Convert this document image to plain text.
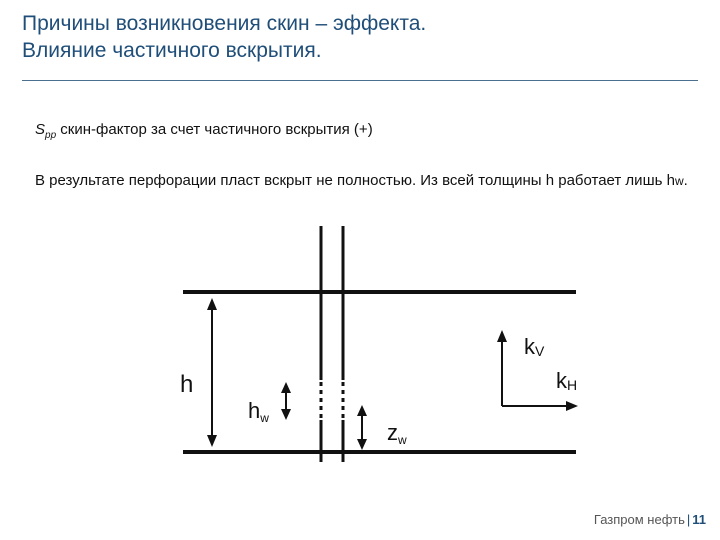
Причины возникновения скин – эффекта.
Влияние частичного вскрытия.
$S_{pp}$ скин-фактор за счет частичного вскрытия (+)
В результате перфорации пласт вскрыт не полностью. Из всей толщины h работает лишь hw.
h
hw
zw
kV
kH
Газпром нефть | 11
